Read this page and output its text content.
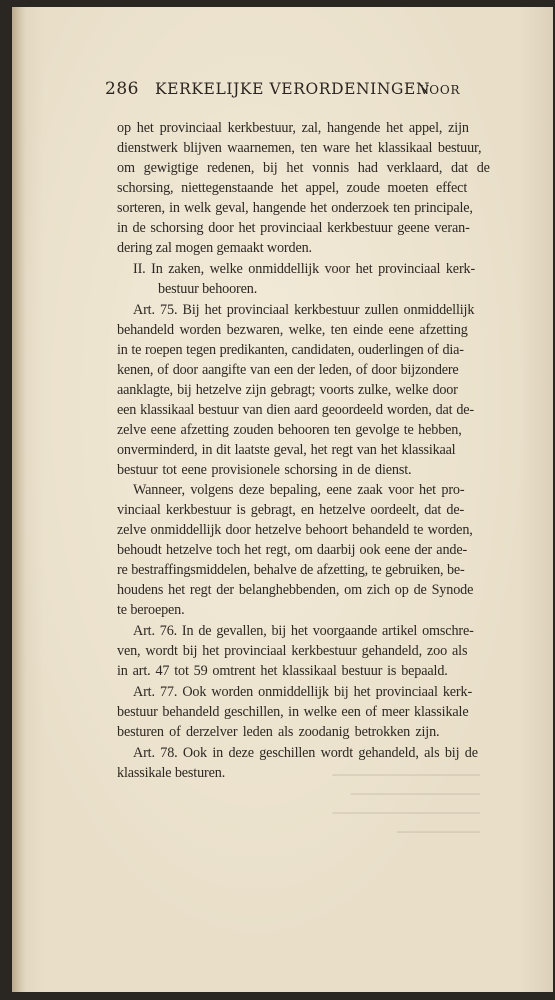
▁▁▁▁▁▁▁▁▁▁▁▁▁▁▁▁
▁▁▁▁▁▁▁▁▁▁▁▁▁▁
▁▁▁▁▁▁▁▁▁▁▁▁▁▁▁▁
▁▁▁▁▁▁▁▁▁
286 KERKELIJKE VERORDENINGEN
VOOR
op het provinciaal kerkbestuur, zal, hangende het appel, zijn
dienstwerk blijven waarnemen, ten ware het klassikaal bestuur,
om gewigtige redenen, bij het vonnis had verklaard, dat de
schorsing, niettegenstaande het appel, zoude moeten effect
sorteren, in welk geval, hangende het onderzoek ten principale,
in de schorsing door het provinciaal kerkbestuur geene veran-
dering zal mogen gemaakt worden.
II. In zaken, welke onmiddellijk voor het provinciaal kerk-
bestuur behooren.
Art. 75. Bij het provinciaal kerkbestuur zullen onmiddellijk
behandeld worden bezwaren, welke, ten einde eene afzetting
in te roepen tegen predikanten, candidaten, ouderlingen of dia-
kenen, of door aangifte van een der leden, of door bijzondere
aanklagte, bij hetzelve zijn gebragt; voorts zulke, welke door
een klassikaal bestuur van dien aard geoordeeld worden, dat de-
zelve eene afzetting zouden behooren ten gevolge te hebben,
onverminderd, in dit laatste geval, het regt van het klassikaal
bestuur tot eene provisionele schorsing in de dienst.
Wanneer, volgens deze bepaling, eene zaak voor het pro-
vinciaal kerkbestuur is gebragt, en hetzelve oordeelt, dat de-
zelve onmiddellijk door hetzelve behoort behandeld te worden,
behoudt hetzelve toch het regt, om daarbij ook eene der ande-
re bestraffingsmiddelen, behalve de afzetting, te gebruiken, be-
houdens het regt der belanghebbenden, om zich op de Synode
te beroepen.
Art. 76. In de gevallen, bij het voorgaande artikel omschre-
ven, wordt bij het provinciaal kerkbestuur gehandeld, zoo als
in art. 47 tot 59 omtrent het klassikaal bestuur is bepaald.
Art. 77. Ook worden onmiddellijk bij het provinciaal kerk-
bestuur behandeld geschillen, in welke een of meer klassikale
besturen of derzelver leden als zoodanig betrokken zijn.
Art. 78. Ook in deze geschillen wordt gehandeld, als bij de
klassikale besturen.
